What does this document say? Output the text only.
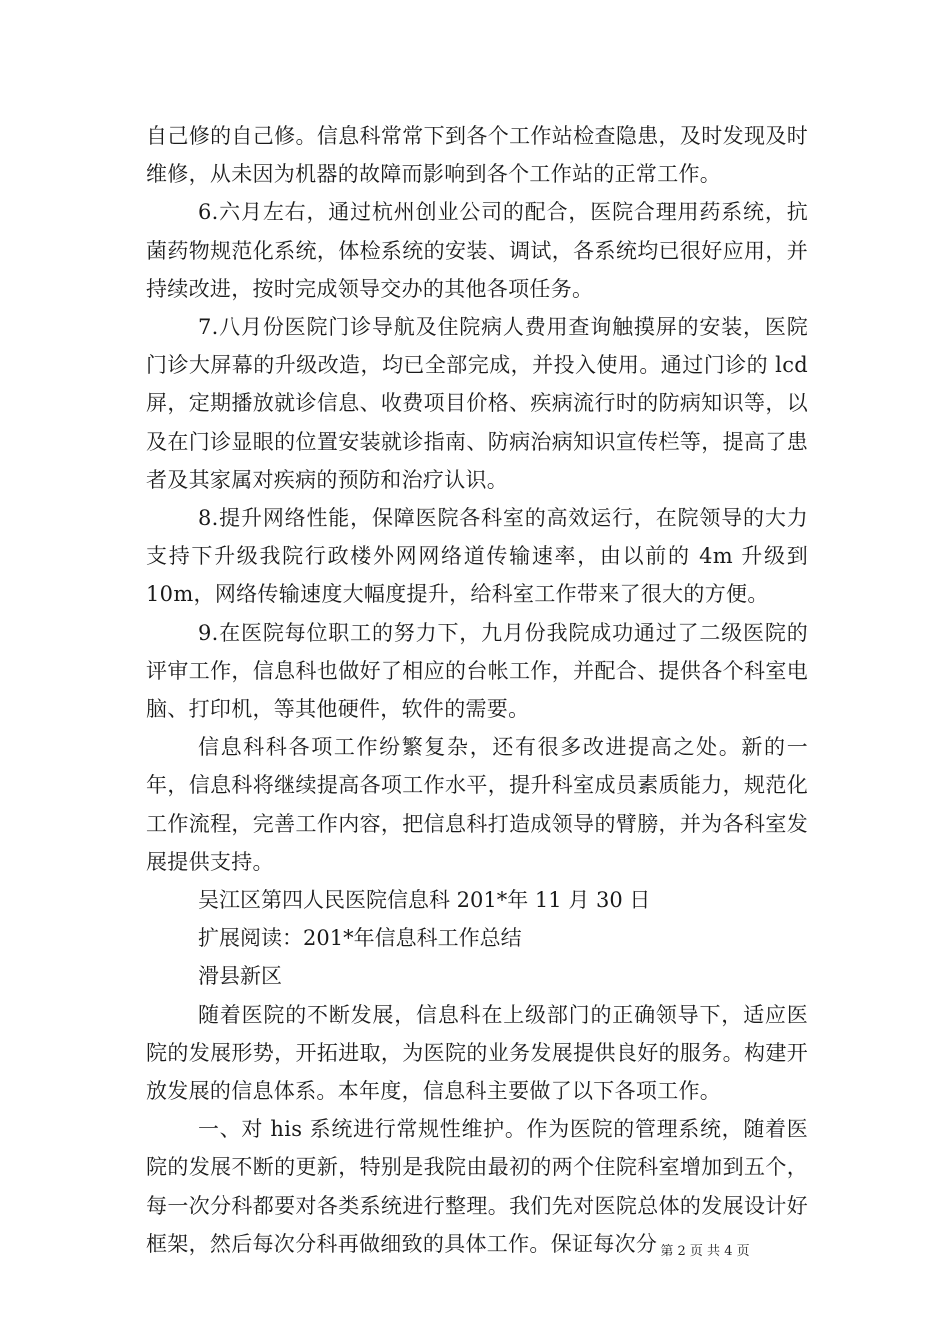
自己修的自己修。信息科常常下到各个工作站检查隐患，及时发现及时维修，从未因为机器的故障而影响到各个工作站的正常工作。

6.六月左右，通过杭州创业公司的配合，医院合理用药系统，抗菌药物规范化系统，体检系统的安装、调试，各系统均已很好应用，并持续改进，按时完成领导交办的其他各项任务。

7.八月份医院门诊导航及住院病人费用查询触摸屏的安装，医院门诊大屏幕的升级改造，均已全部完成，并投入使用。通过门诊的 lcd 屏，定期播放就诊信息、收费项目价格、疾病流行时的防病知识等，以及在门诊显眼的位置安装就诊指南、防病治病知识宣传栏等，提高了患者及其家属对疾病的预防和治疗认识。

8.提升网络性能，保障医院各科室的高效运行，在院领导的大力支持下升级我院行政楼外网网络道传输速率，由以前的 4m 升级到 10m，网络传输速度大幅度提升，给科室工作带来了很大的方便。

9.在医院每位职工的努力下，九月份我院成功通过了二级医院的评审工作，信息科也做好了相应的台帐工作，并配合、提供各个科室电脑、打印机，等其他硬件，软件的需要。

信息科科各项工作纷繁复杂，还有很多改进提高之处。新的一年，信息科将继续提高各项工作水平，提升科室成员素质能力，规范化工作流程，完善工作内容，把信息科打造成领导的臂膀，并为各科室发展提供支持。

吴江区第四人民医院信息科 201*年 11 月 30 日

扩展阅读：201*年信息科工作总结

滑县新区

随着医院的不断发展，信息科在上级部门的正确领导下，适应医院的发展形势，开拓进取，为医院的业务发展提供良好的服务。构建开放发展的信息体系。本年度，信息科主要做了以下各项工作。

一、对 his 系统进行常规性维护。作为医院的管理系统，随着医院的发展不断的更新，特别是我院由最初的两个住院科室增加到五个，每一次分科都要对各类系统进行整理。我们先对医院总体的发展设计好框架，然后每次分科再做细致的具体工作。保证每次分 第 2 页 共 4 页
